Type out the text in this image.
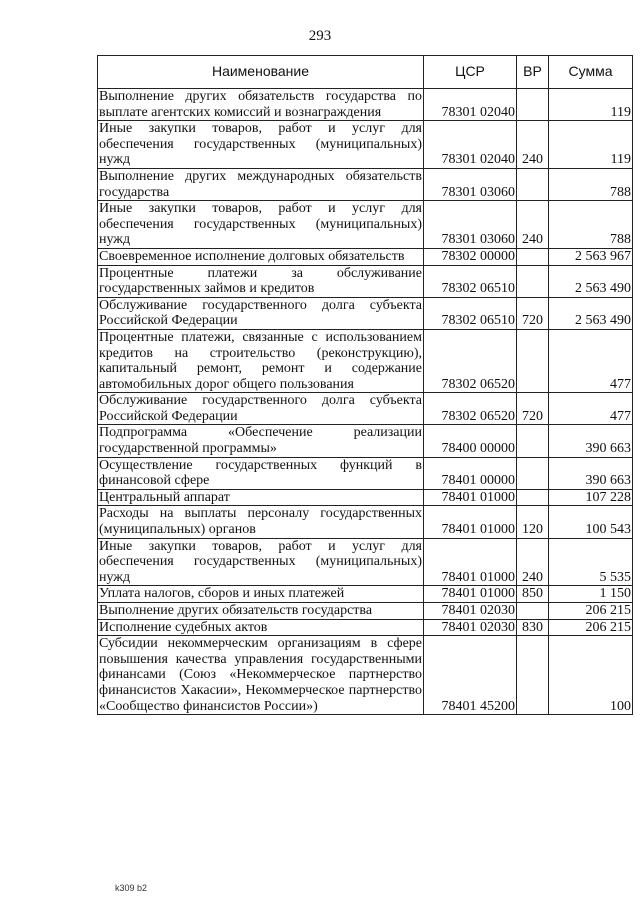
293
Наименование	ЦСР	ВР	Сумма
Выполнение других обязательств государства по выплате агентских комиссий и вознаграждения	78301 02040		119
Иные закупки товаров, работ и услуг для обеспечения государственных (муниципальных) нужд	78301 02040	240	119
Выполнение других международных обязательств государства	78301 03060		788
Иные закупки товаров, работ и услуг для обеспечения государственных (муниципальных) нужд	78301 03060	240	788
Своевременное исполнение долговых обязательств	78302 00000		2 563 967
Процентные платежи за обслуживание государственных займов и кредитов	78302 06510		2 563 490
Обслуживание государственного долга субъекта Российской Федерации	78302 06510	720	2 563 490
Процентные платежи, связанные с использованием кредитов на строительство (реконструкцию), капитальный ремонт, ремонт и содержание автомобильных дорог общего пользования	78302 06520		477
Обслуживание государственного долга субъекта Российской Федерации	78302 06520	720	477
Подпрограмма «Обеспечение реализации государственной программы»	78400 00000		390 663
Осуществление государственных функций в финансовой сфере	78401 00000		390 663
Центральный аппарат	78401 01000		107 228
Расходы на выплаты персоналу государственных (муниципальных) органов	78401 01000	120	100 543
Иные закупки товаров, работ и услуг для обеспечения государственных (муниципальных) нужд	78401 01000	240	5 535
Уплата налогов, сборов и иных платежей	78401 01000	850	1 150
Выполнение других обязательств государства	78401 02030		206 215
Исполнение судебных актов	78401 02030	830	206 215
Субсидии некоммерческим организациям в сфере повышения качества управления государственными финансами (Союз «Некоммерческое партнерство финансистов Хакасии», Некоммерческое партнерство «Сообщество финансистов России»)	78401 45200		100
k309 b2
